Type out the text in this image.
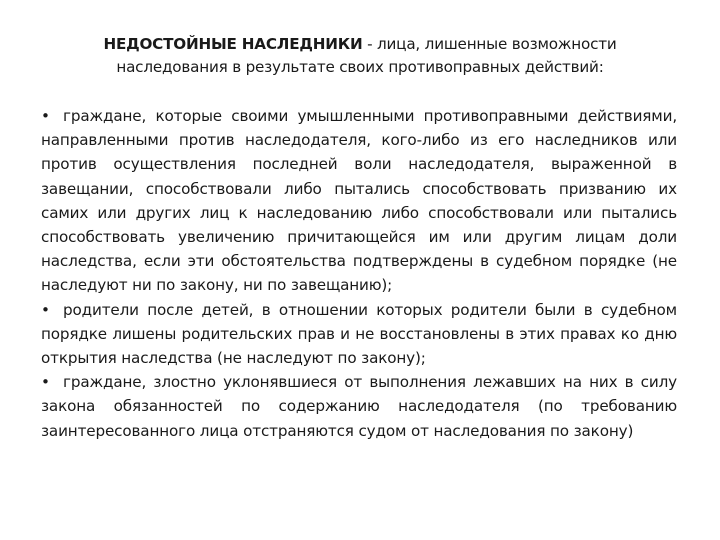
НЕДОСТОЙНЫЕ НАСЛЕДНИКИ - лица, лишенные возможности наследования в результате своих противоправных действий:

• граждане, которые своими умышленными противоправными действиями, направленными против наследодателя, кого-либо из его наследников или против осуществления последней воли наследодателя, выраженной в завещании, способствовали либо пытались способствовать призванию их самих или других лиц к наследованию либо способствовали или пытались способствовать увеличению причитающейся им или другим лицам доли наследства, если эти обстоятельства подтверждены в судебном порядке (не наследуют ни по закону, ни по завещанию);

• родители после детей, в отношении которых родители были в судебном порядке лишены родительских прав и не восстановлены в этих правах ко дню открытия наследства (не наследуют по закону);

• граждане, злостно уклонявшиеся от выполнения лежавших на них в силу закона обязанностей по содержанию наследодателя (по требованию заинтересованного лица отстраняются судом от наследования по закону)
